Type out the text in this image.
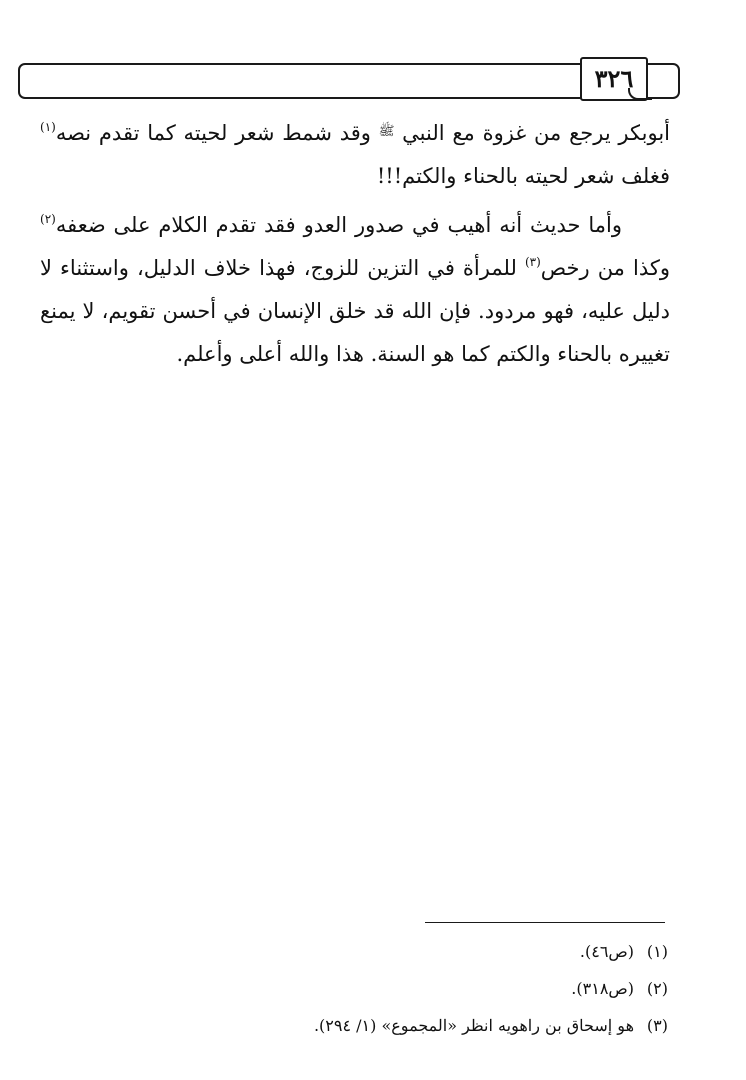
٣٢٦

أبوبكر يرجع من غزوة مع النبي $^ﷺ$ وقد شمط شعر لحيته كما تقدم نصه$^{(١)}$ فغلف شعر لحيته بالحناء والكتم!!!

وأما حديث أنه أهيب في صدور العدو فقد تقدم الكلام على ضعفه$^{(٢)}$ وكذا من رخص$^{(٣)}$ للمرأة في التزين للزوج، فهذا خلاف الدليل، واستثناء لا دليل عليه، فهو مردود. فإن الله قد خلق الإنسان في أحسن تقويم، لا يمنع تغييره بالحناء والكتم كما هو السنة. هذا والله أعلى وأعلم.

(١)(ص٤٦).
(٢)(ص٣١٨).
(٣)هو إسحاق بن راهويه انظر «المجموع» (١/ ٢٩٤).
